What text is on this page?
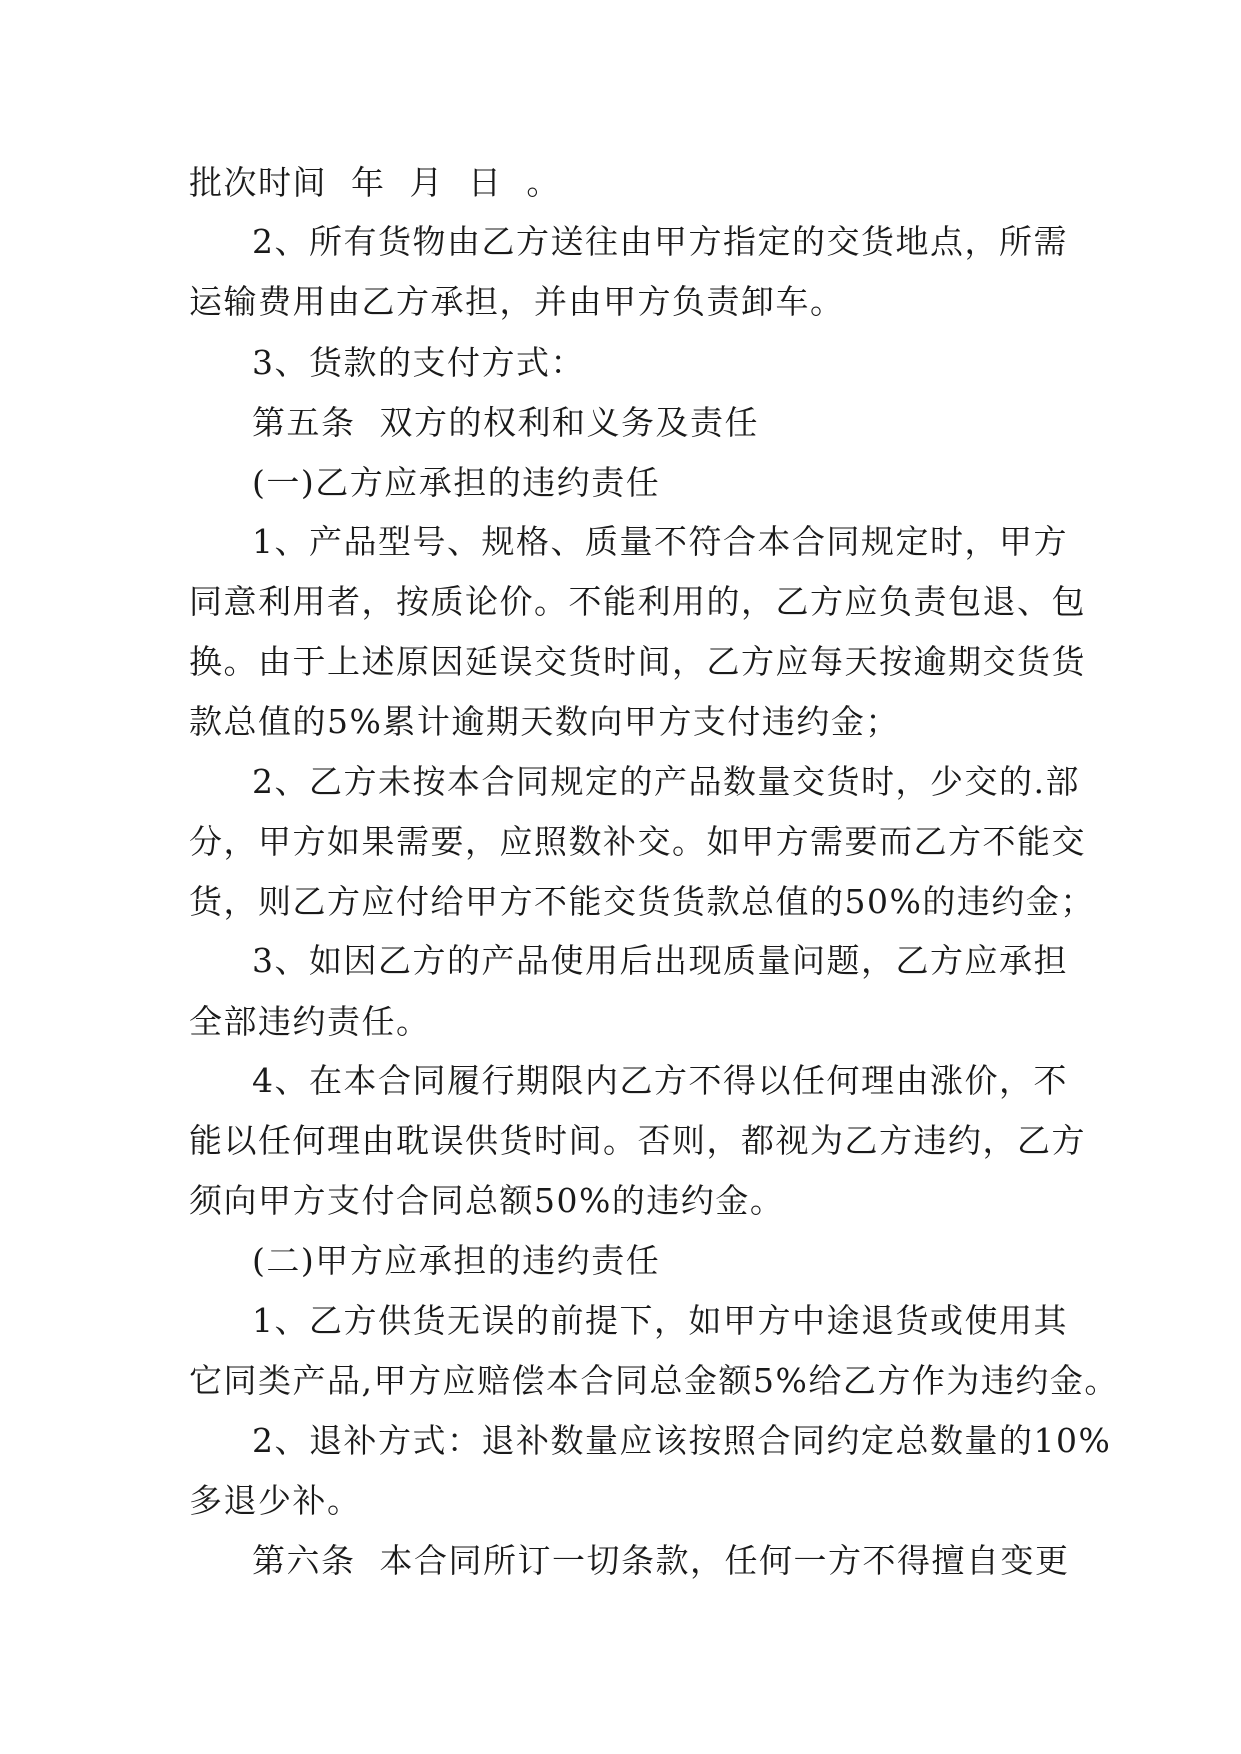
批次时间  年  月  日  。
2、所有货物由乙方送往由甲方指定的交货地点，所需
运输费用由乙方承担，并由甲方负责卸车。
3、货款的支付方式：
第五条  双方的权利和义务及责任
(一)乙方应承担的违约责任
1、产品型号、规格、质量不符合本合同规定时，甲方
同意利用者，按质论价。不能利用的，乙方应负责包退、包
换。由于上述原因延误交货时间，乙方应每天按逾期交货货
款总值的5%累计逾期天数向甲方支付违约金；
2、乙方未按本合同规定的产品数量交货时，少交的.部
分，甲方如果需要，应照数补交。如甲方需要而乙方不能交
货，则乙方应付给甲方不能交货货款总值的50%的违约金；
3、如因乙方的产品使用后出现质量问题，乙方应承担
全部违约责任。
4、在本合同履行期限内乙方不得以任何理由涨价，不
能以任何理由耽误供货时间。否则，都视为乙方违约，乙方
须向甲方支付合同总额50%的违约金。
(二)甲方应承担的违约责任
1、乙方供货无误的前提下，如甲方中途退货或使用其
它同类产品,甲方应赔偿本合同总金额5%给乙方作为违约金。
2、退补方式：退补数量应该按照合同约定总数量的10%
多退少补。
第六条  本合同所订一切条款，任何一方不得擅自变更
